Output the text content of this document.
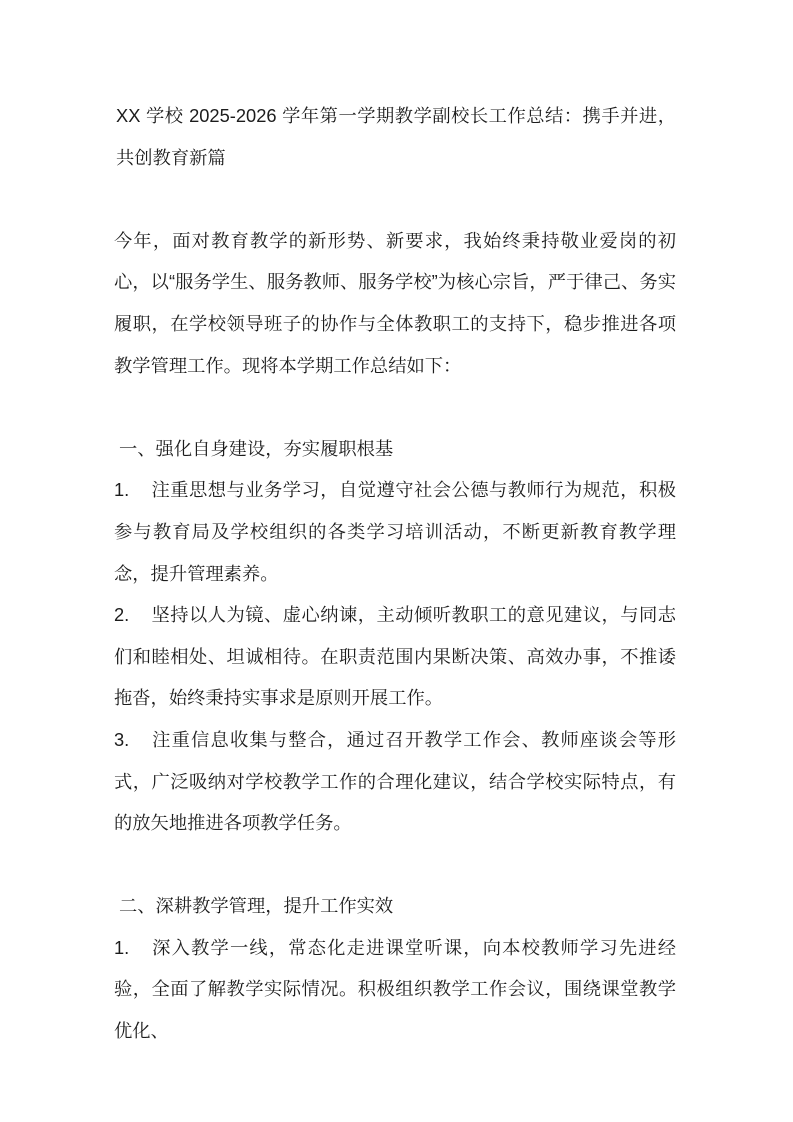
XX 学校 2025-2026 学年第一学期教学副校长工作总结：携手并进，共创教育新篇

今年，面对教育教学的新形势、新要求，我始终秉持敬业爱岗的初心，以“服务学生、服务教师、服务学校”为核心宗旨，严于律己、务实履职，在学校领导班子的协作与全体教职工的支持下，稳步推进各项教学管理工作。现将本学期工作总结如下：

一、强化自身建设，夯实履职根基

1. 注重思想与业务学习，自觉遵守社会公德与教师行为规范，积极参与教育局及学校组织的各类学习培训活动，不断更新教育教学理念，提升管理素养。

2. 坚持以人为镜、虚心纳谏，主动倾听教职工的意见建议，与同志们和睦相处、坦诚相待。在职责范围内果断决策、高效办事，不推诿拖沓，始终秉持实事求是原则开展工作。

3. 注重信息收集与整合，通过召开教学工作会、教师座谈会等形式，广泛吸纳对学校教学工作的合理化建议，结合学校实际特点，有的放矢地推进各项教学任务。

二、深耕教学管理，提升工作实效

1. 深入教学一线，常态化走进课堂听课，向本校教师学习先进经验，全面了解教学实际情况。积极组织教学工作会议，围绕课堂教学优化、
